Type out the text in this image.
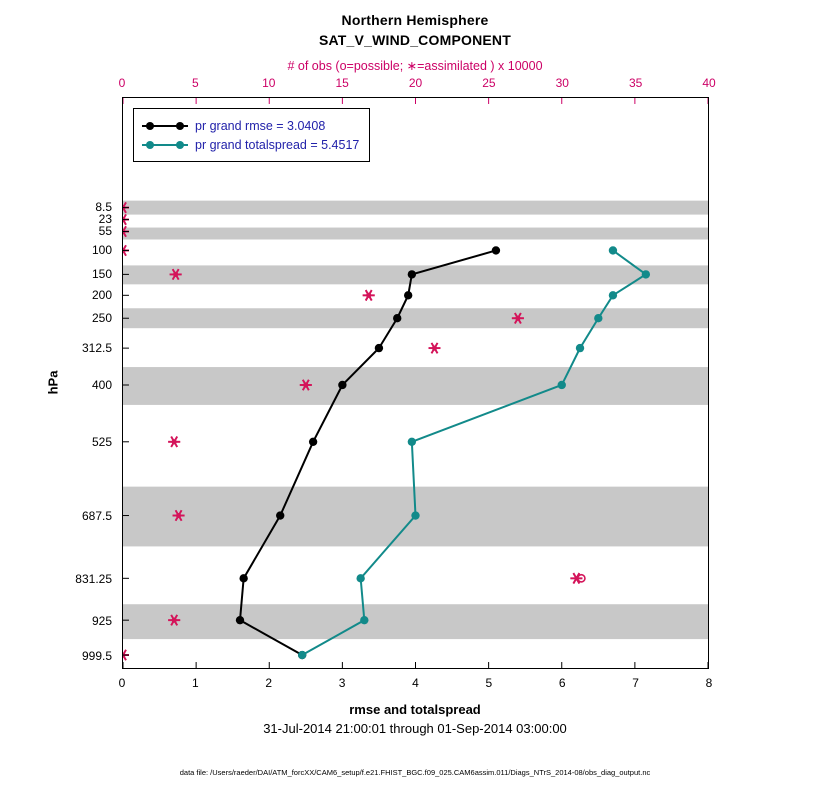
Northern Hemisphere
SAT_V_WIND_COMPONENT
# of obs (o=possible; ∗=assimilated ) x 10000
0	5	10	15	20	25	30	35	40
8.5
23
55
100
150
200
250
312.5
400
525
687.5
831.25
925
999.5
hPa
pr grand rmse = 3.0408
pr grand totalspread = 5.4517
0	1	2	3	4	5	6	7	8
rmse and totalspread
31-Jul-2014 21:00:01 through 01-Sep-2014 03:00:00
data file: /Users/raeder/DAI/ATM_forcXX/CAM6_setup/f.e21.FHIST_BGC.f09_025.CAM6assim.011/Diags_NTrS_2014-08/obs_diag_output.nc
